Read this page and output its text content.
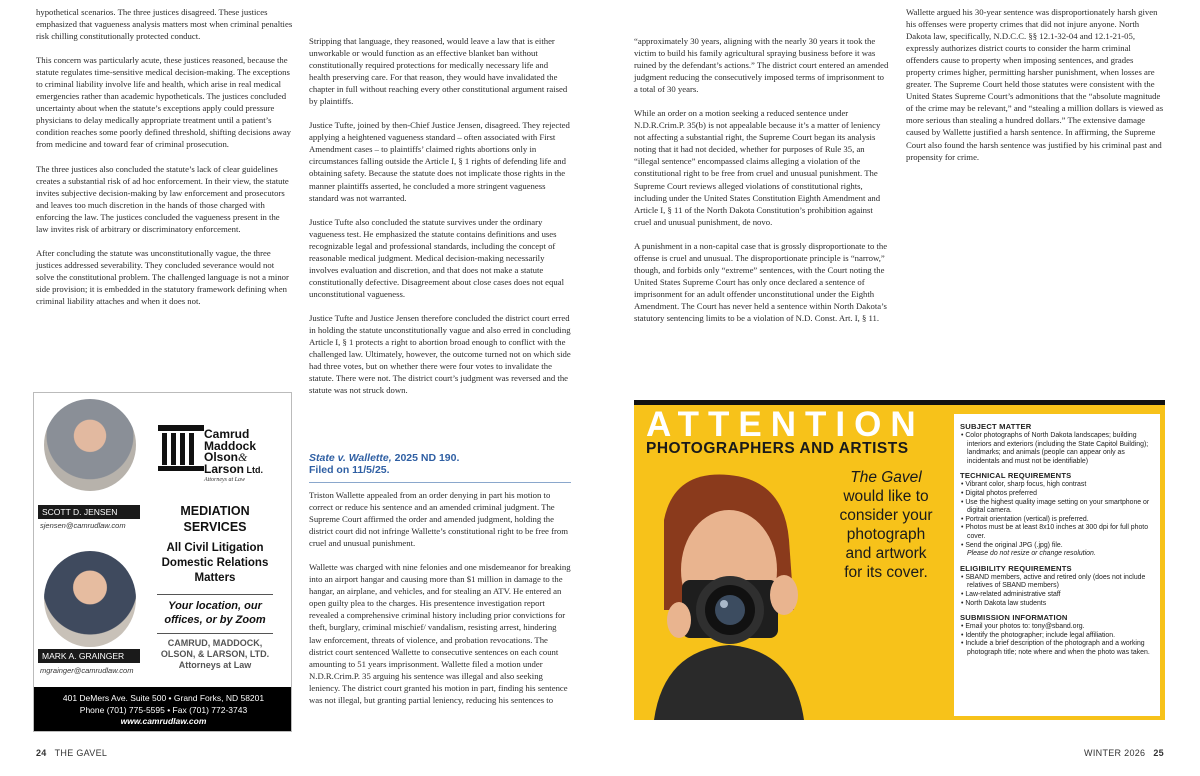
hypothetical scenarios. The three justices disagreed. These justices emphasized that vagueness analysis matters most when criminal penalties risk chilling constitutionally protected conduct.

This concern was particularly acute, these justices reasoned, because the statute regulates time-sensitive medical decision-making. The exceptions to criminal liability involve life and health, which arise in real medical emergencies rather than academic hypotheticals. The justices concluded uncertainty about when the statute’s exceptions apply could pressure physicians to delay medically appropriate treatment until a patient’s condition reaches some poorly defined threshold, shifting decisions away from medicine and toward fear of criminal prosecution.

The three justices also concluded the statute’s lack of clear guidelines creates a substantial risk of ad hoc enforcement. In their view, the statute invites subjective decision-making by law enforcement and prosecutors and leaves too much discretion in the hands of those charged with enforcing the law. The justices concluded the vagueness present in the law invites risk of arbitrary or discriminatory enforcement.

After concluding the statute was unconstitutionally vague, the three justices addressed severability. They concluded severance would not solve the constitutional problem. The challenged language is not a minor side provision; it is embedded in the statutory framework defining when criminal liability attaches and when it does not.

Stripping that language, they reasoned, would leave a law that is either unworkable or would function as an effective blanket ban without constitutionally required protections for medically necessary life and health preserving care. For that reason, they would have invalidated the chapter in full without reaching every other constitutional argument raised by plaintiffs.

Justice Tufte, joined by then-Chief Justice Jensen, disagreed. They rejected applying a heightened vagueness standard – often associated with First Amendment cases – to plaintiffs’ claimed rights abortions only in circumstances falling outside the Article I, § 1 rights of defending life and obtaining safety. Because the statute does not implicate those rights in the manner plaintiffs asserted, he concluded a more stringent vagueness standard was not warranted.

Justice Tufte also concluded the statute survives under the ordinary vagueness test. He emphasized the statute contains definitions and uses recognizable legal and professional standards, including the concept of reasonable medical judgment. Medical decision-making necessarily involves evaluation and discretion, and that does not make a statute constitutionally defective. Disagreement about close cases does not equal unconstitutional vagueness.

Justice Tufte and Justice Jensen therefore concluded the district court erred in holding the statute unconstitutionally vague and also erred in concluding Article I, § 1 protects a right to abortion broad enough to conflict with the challenged law. Ultimately, however, the outcome turned not on which side had three votes, but on whether there were four votes to invalidate the statute. There were not. The district court’s judgment was reversed and the statute was not struck down.

State v. Wallette, 2025 ND 190.
Filed on 11/5/25.

Triston Wallette appealed from an order denying in part his motion to correct or reduce his sentence and an amended criminal judgment. The Supreme Court affirmed the order and amended judgment, holding the district court did not infringe Wallette’s constitutional right to be free from cruel and unusual punishment.

Wallette was charged with nine felonies and one misdemeanor for breaking into an airport hangar and causing more than $1 million in damage to the hangar, an airplane, and vehicles, and for stealing an ATV. He entered an open guilty plea to the charges. His presentence investigation report revealed a comprehensive criminal history including prior convictions for theft, burglary, criminal mischief/ vandalism, resisting arrest, hindering law enforcement, threats of violence, and probation revocations. The district court sentenced Wallette to consecutive sentences on each count amounting to 51 years imprisonment. Wallette filed a motion under N.D.R.Crim.P. 35 arguing his sentence was illegal and also seeking leniency. The district court granted his motion in part, finding his sentence was not illegal, but granting partial leniency, reducing his sentences to

“approximately 30 years, aligning with the nearly 30 years it took the victim to build his family agricultural spraying business before it was ruined by the defendant’s actions.” The district court entered an amended judgment reducing the consecutively imposed terms of imprisonment to a total of 30 years.

While an order on a motion seeking a reduced sentence under N.D.R.Crim.P. 35(b) is not appealable because it’s a matter of leniency not affecting a substantial right, the Supreme Court began its analysis noting that it had not decided, whether for purposes of Rule 35, an “illegal sentence” encompassed claims alleging a violation of the constitutional right to be free from cruel and unusual punishment. The Supreme Court reviews alleged violations of constitutional rights, including under the United States Constitution Eighth Amendment and Article I, § 11 of the North Dakota Constitution’s prohibition against cruel and unusual punishment, de novo.

A punishment in a non-capital case that is grossly disproportionate to the offense is cruel and unusual. The disproportionate principle is “narrow,” though, and forbids only “extreme” sentences, with the Court noting the United States Supreme Court has only once declared a sentence of imprisonment for an adult offender unconstitutional under the Eighth Amendment. The Court has never held a sentence within North Dakota’s statutory sentencing limits to be a violation of N.D. Const. Art. I, § 11.

Wallette argued his 30-year sentence was disproportionately harsh given his offenses were property crimes that did not injure anyone. North Dakota law, specifically, N.D.C.C. §§ 12.1-32-04 and 12.1-21-05, expressly authorizes district courts to consider the harm criminal offenders cause to property when imposing sentences, and grades property crimes higher, permitting harsher punishment, when losses are greater. The Supreme Court held those statutes were consistent with the United States Supreme Court’s admonitions that the “absolute magnitude of the crime may be relevant,” and “stealing a million dollars is viewed as more serious than stealing a hundred dollars.” The extensive damage caused by Wallette justified a harsh sentence. In affirming, the Supreme Court also found the harsh sentence was justified by his criminal past and propensity for crime.

SCOTT D. JENSEN
sjensen@camrudlaw.com
MARK A. GRAINGER
mgrainger@camrudlaw.com
Camrud
Maddock
Olson&
Larson Ltd.
Attorneys at Law
MEDIATION
SERVICES
All Civil Litigation
Domestic Relations
Matters
Your location, our
offices, or by Zoom
CAMRUD, MADDOCK,
OLSON, & LARSON, LTD.
Attorneys at Law
401 DeMers Ave. Suite 500 • Grand Forks, ND 58201
Phone (701) 775-5595 • Fax (701) 772-3743
www.camrudlaw.com
ATTENTION
PHOTOGRAPHERS AND ARTISTS
The Gavel
would like to
consider your
photograph
and artwork
for its cover.
SUBJECT MATTER
• Color photographs of North Dakota landscapes; building interiors and exteriors (including the State Capitol Building); landmarks; and animals (people can appear only as incidentals and must not be identifiable)
TECHNICAL REQUIREMENTS
• Vibrant color, sharp focus, high contrast
• Digital photos preferred
• Use the highest quality image setting on your smartphone or digital camera.
• Portrait orientation (vertical) is preferred.
• Photos must be at least 8x10 inches at 300 dpi for full photo cover.
• Send the original JPG (.jpg) file.
Please do not resize or change resolution.
ELIGIBILITY REQUIREMENTS
• SBAND members, active and retired only (does not include relatives of SBAND members)
• Law-related administrative staff
• North Dakota law students
SUBMISSION INFORMATION
• Email your photos to: tony@sband.org.
• Identify the photographer; include legal affiliation.
• Include a brief description of the photograph and a working photograph title; note where and when the photo was taken.
24 THE GAVEL	WINTER 2026 25
